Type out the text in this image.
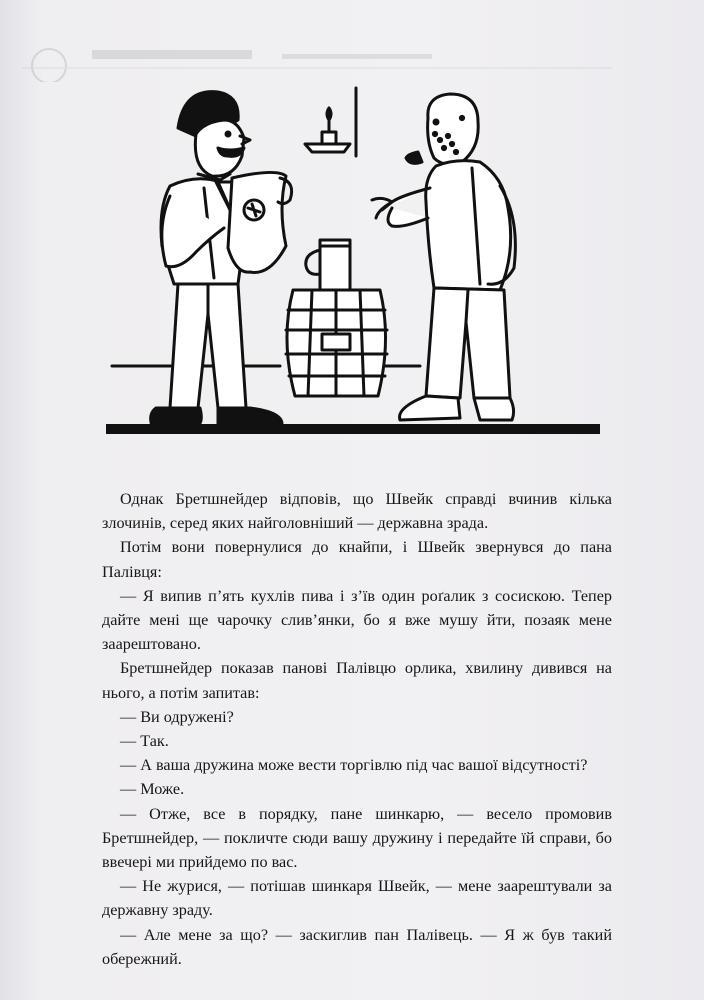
Однак Бретшнейдер відповів, що Швейк справді вчинив кілька злочинів, серед яких найголовніший — державна зрада.

Потім вони повернулися до кнайпи, і Швейк звернувся до пана Палівця:

— Я випив п’ять кухлів пива і з’їв один роґалик з сосискою. Тепер дайте мені ще чарочку слив’янки, бо я вже мушу йти, позаяк мене заарештовано.

Бретшнейдер показав панові Палівцю орлика, хвилину дивився на нього, а потім запитав:

— Ви одружені?

— Так.

— А ваша дружина може вести торгівлю під час вашої відсутності?

— Може.

— Отже, все в порядку, пане шинкарю, — весело промовив Бретшнейдер, — покличте сюди вашу дружину і передайте їй справи, бо ввечері ми прийдемо по вас.

— Не журися, — потішав шинкаря Швейк, — мене заарештували за державну зраду.

— Але мене за що? — заскиглив пан Палівець. — Я ж був такий обережний.
